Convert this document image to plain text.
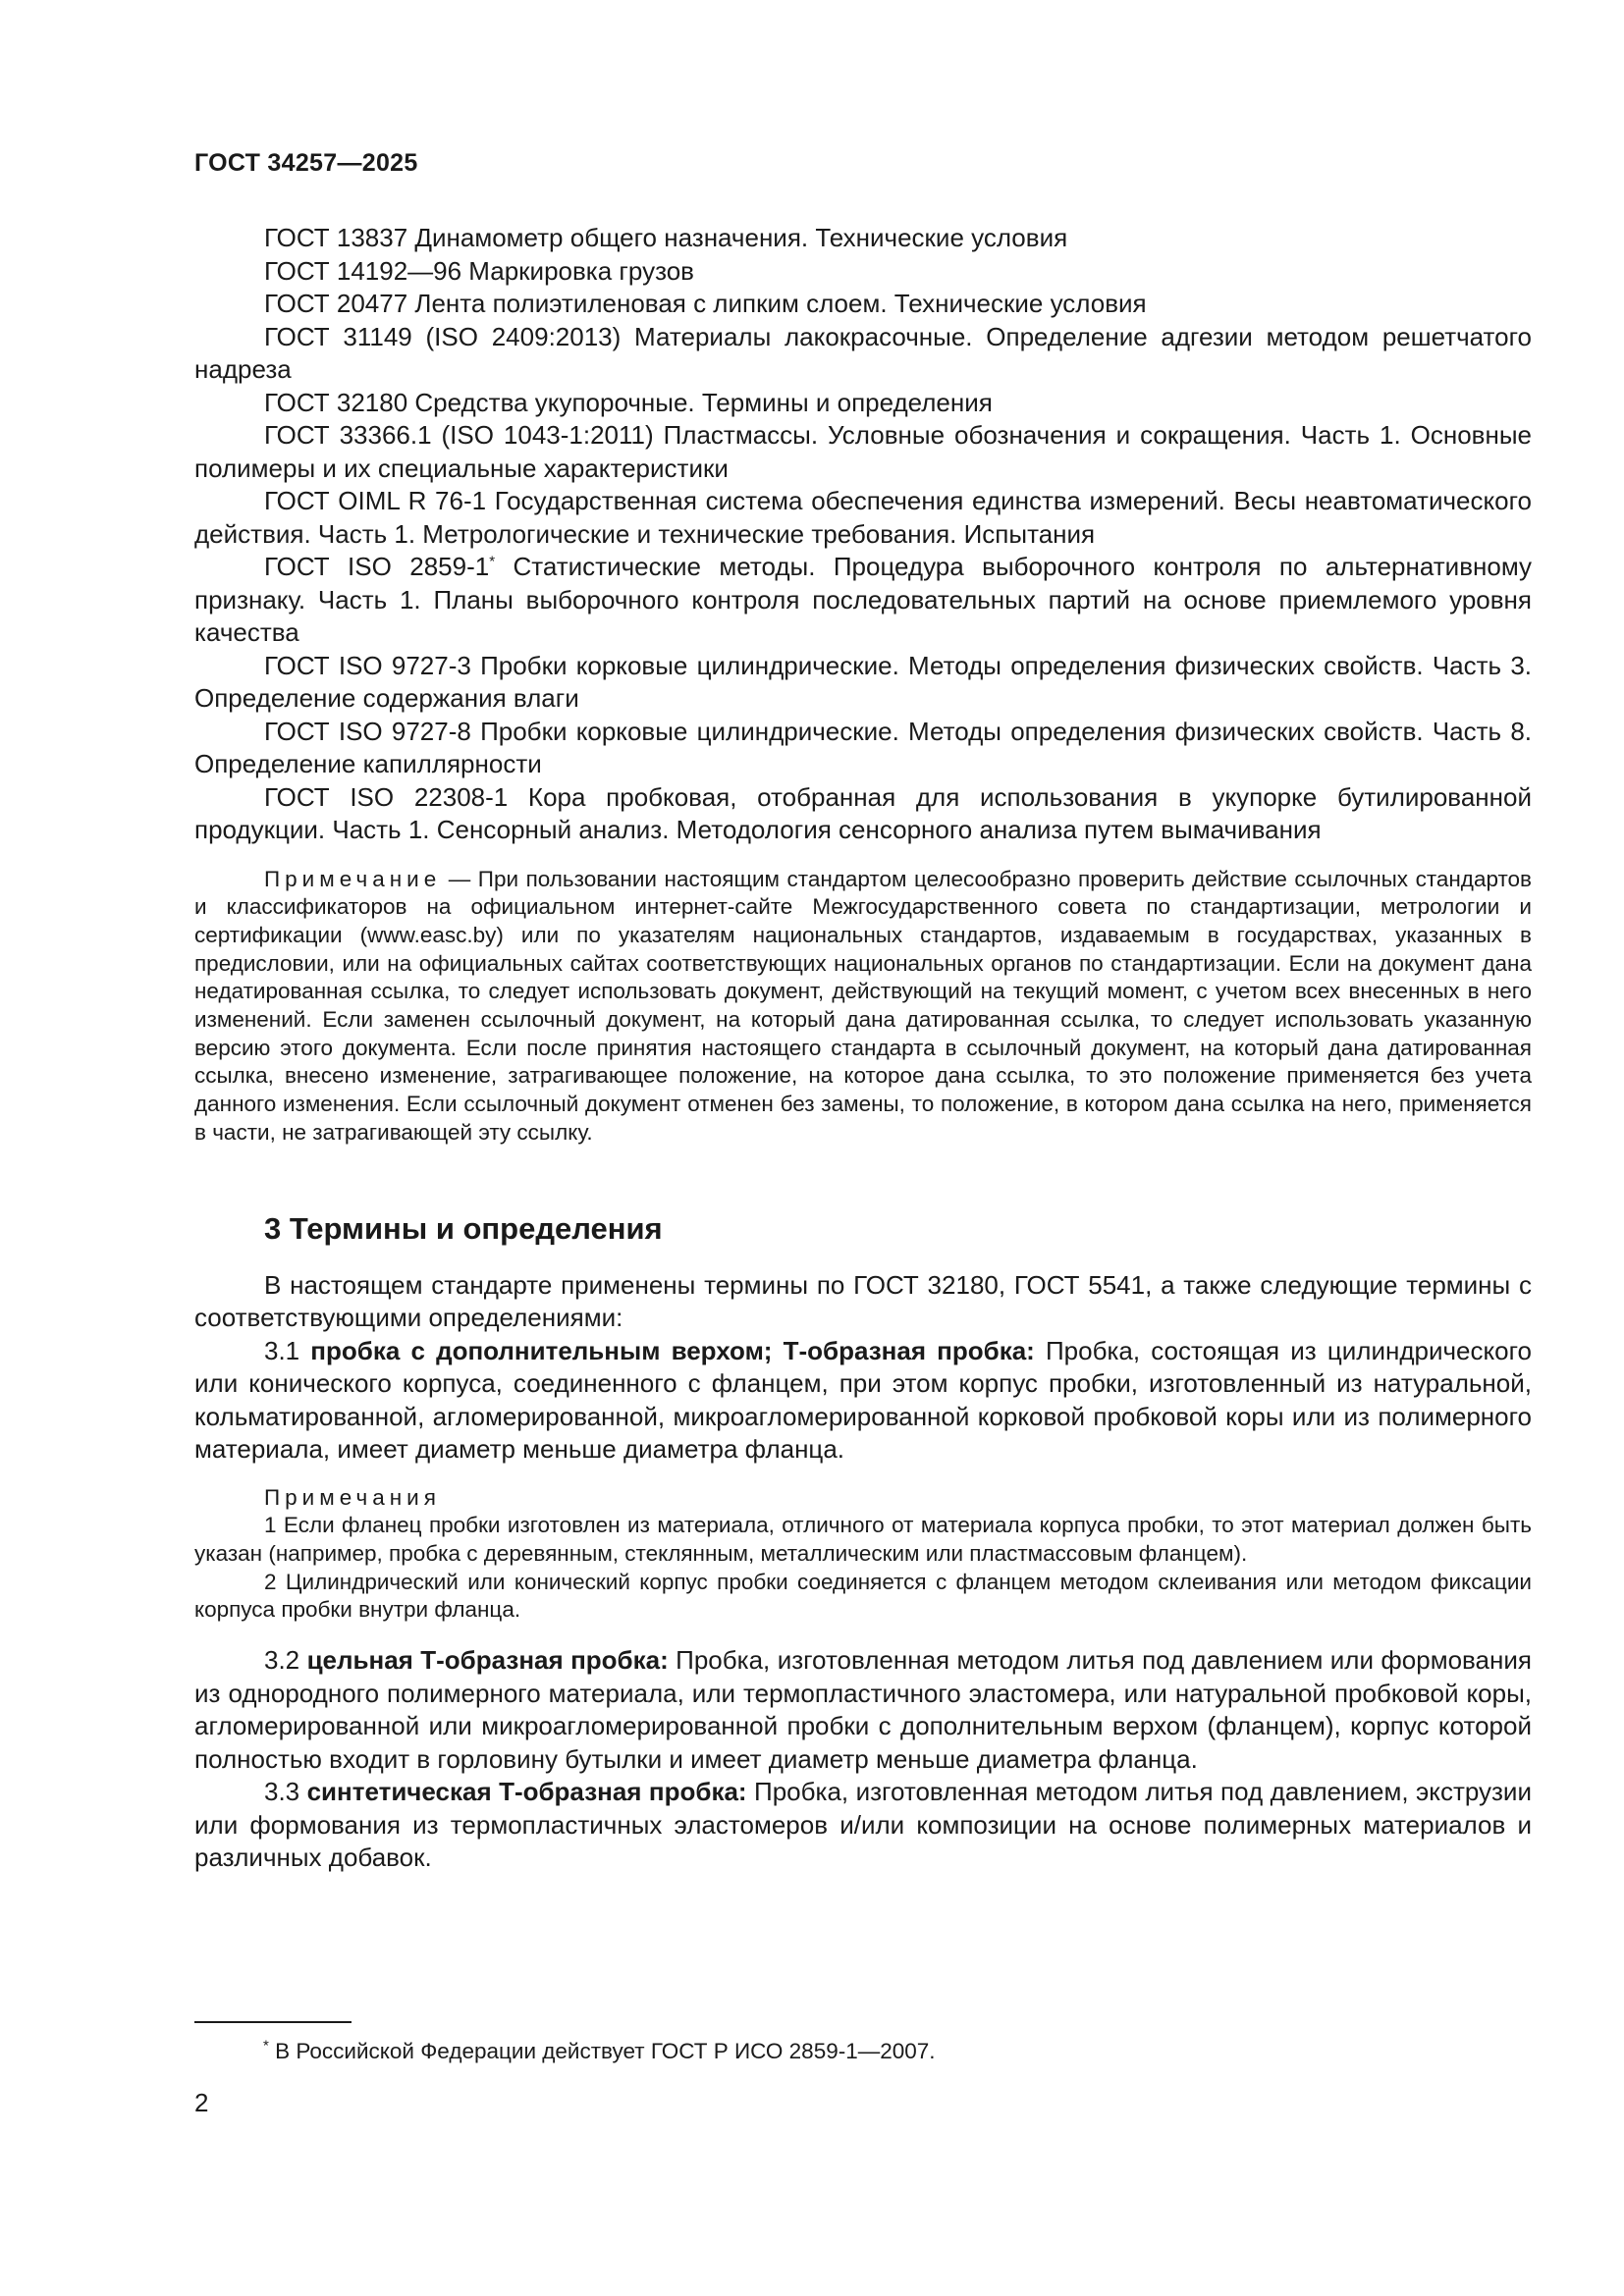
ГОСТ 34257—2025

ГОСТ 13837 Динамометр общего назначения. Технические условия

ГОСТ 14192—96 Маркировка грузов

ГОСТ 20477 Лента полиэтиленовая с липким слоем. Технические условия

ГОСТ 31149 (ISO 2409:2013) Материалы лакокрасочные. Определение адгезии методом решетчатого надреза

ГОСТ 32180 Средства укупорочные. Термины и определения

ГОСТ 33366.1 (ISO 1043-1:2011) Пластмассы. Условные обозначения и сокращения. Часть 1. Основные полимеры и их специальные характеристики

ГОСТ OIML R 76-1 Государственная система обеспечения единства измерений. Весы неавтоматического действия. Часть 1. Метрологические и технические требования. Испытания

ГОСТ ISO 2859-1* Статистические методы. Процедура выборочного контроля по альтернативному признаку. Часть 1. Планы выборочного контроля последовательных партий на основе приемлемого уровня качества

ГОСТ ISO 9727-3 Пробки корковые цилиндрические. Методы определения физических свойств. Часть 3. Определение содержания влаги

ГОСТ ISO 9727-8 Пробки корковые цилиндрические. Методы определения физических свойств. Часть 8. Определение капиллярности

ГОСТ ISO 22308-1 Кора пробковая, отобранная для использования в укупорке бутилированной продукции. Часть 1. Сенсорный анализ. Методология сенсорного анализа путем вымачивания

Примечание — При пользовании настоящим стандартом целесообразно проверить действие ссылочных стандартов и классификаторов на официальном интернет-сайте Межгосударственного совета по стандартизации, метрологии и сертификации (www.easc.by) или по указателям национальных стандартов, издаваемым в государствах, указанных в предисловии, или на официальных сайтах соответствующих национальных органов по стандартизации. Если на документ дана недатированная ссылка, то следует использовать документ, действующий на текущий момент, с учетом всех внесенных в него изменений. Если заменен ссылочный документ, на который дана датированная ссылка, то следует использовать указанную версию этого документа. Если после принятия настоящего стандарта в ссылочный документ, на который дана датированная ссылка, внесено изменение, затрагивающее положение, на которое дана ссылка, то это положение применяется без учета данного изменения. Если ссылочный документ отменен без замены, то положение, в котором дана ссылка на него, применяется в части, не затрагивающей эту ссылку.

3 Термины и определения

В настоящем стандарте применены термины по ГОСТ 32180, ГОСТ 5541, а также следующие термины с соответствующими определениями:

3.1 пробка с дополнительным верхом; Т-образная пробка: Пробка, состоящая из цилиндрического или конического корпуса, соединенного с фланцем, при этом корпус пробки, изготовленный из натуральной, кольматированной, агломерированной, микроагломерированной корковой пробковой коры или из полимерного материала, имеет диаметр меньше диаметра фланца.

Примечания

1 Если фланец пробки изготовлен из материала, отличного от материала корпуса пробки, то этот материал должен быть указан (например, пробка с деревянным, стеклянным, металлическим или пластмассовым фланцем).

2 Цилиндрический или конический корпус пробки соединяется с фланцем методом склеивания или методом фиксации корпуса пробки внутри фланца.

3.2 цельная Т-образная пробка: Пробка, изготовленная методом литья под давлением или формования из однородного полимерного материала, или термопластичного эластомера, или натуральной пробковой коры, агломерированной или микроагломерированной пробки с дополнительным верхом (фланцем), корпус которой полностью входит в горловину бутылки и имеет диаметр меньше диаметра фланца.

3.3 синтетическая Т-образная пробка: Пробка, изготовленная методом литья под давлением, экструзии или формования из термопластичных эластомеров и/или композиции на основе полимерных материалов и различных добавок.

* В Российской Федерации действует ГОСТ Р ИСО 2859-1—2007.
2
